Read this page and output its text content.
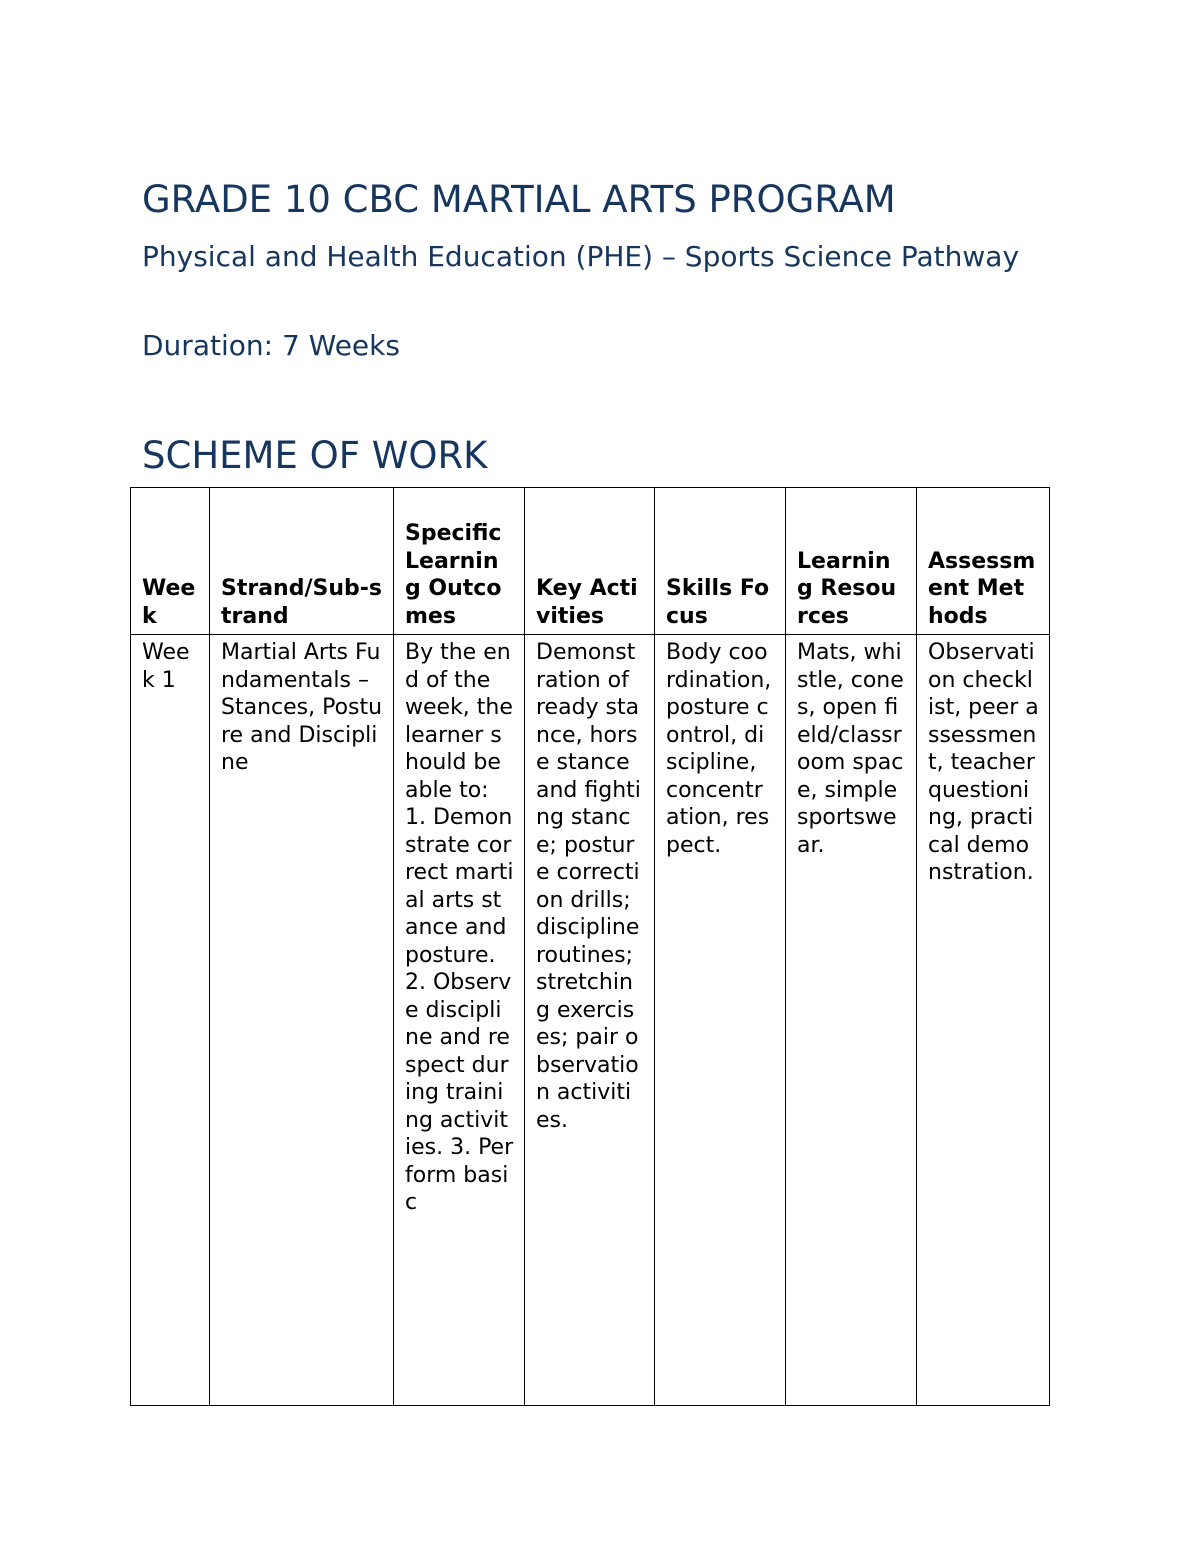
GRADE 10 CBC MARTIAL ARTS PROGRAM

Physical and Health Education (PHE) – Sports Science Pathway

Duration: 7 Weeks

SCHEME OF WORK
Week	Strand/Sub-strand	Specific Learning Outcomes	Key Activities	Skills Focus	Learning Resources	Assessment Methods
Week 1	Martial Arts Fundamentals – Stances, Posture and Discipline	By the end of the week, the learner should be able to: 1. Demonstrate correct martial arts stance and posture. 2. Observe discipline and respect during training activities. 3. Perform basic	Demonstration of ready stance, horse stance and fighting stance; posture correction drills; discipline routines; stretching exercises; pair observation activities.	Body coordination, posture control, discipline, concentration, respect.	Mats, whistle, cones, open field/classroom space, simple sportswear.	Observation checklist, peer assessment, teacher questioning, practical demonstration.
